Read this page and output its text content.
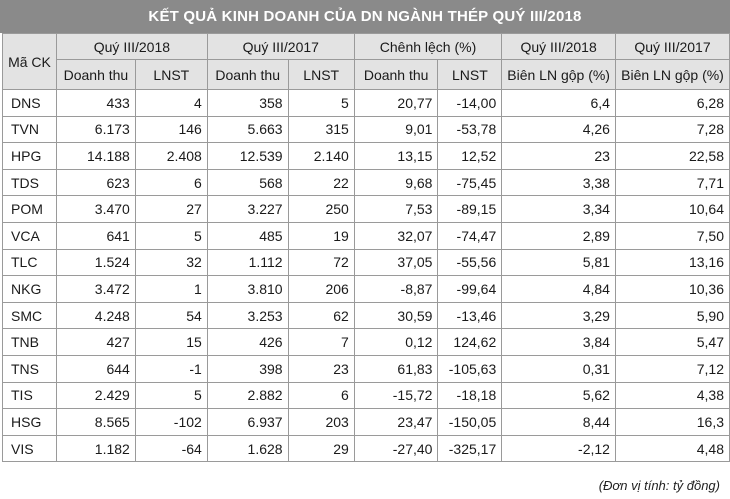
KẾT QUẢ KINH DOANH CỦA DN NGÀNH THÉP QUÝ III/2018
Mã CK	Quý III/2018		Quý III/2017		Chênh lệch (%)		Quý III/2018	Quý III/2017
	Doanh thu	LNST	Doanh thu	LNST	Doanh thu	LNST	Biên LN gộp (%)	Biên LN gộp (%)
DNS	433	4	358	5	20,77	-14,00	6,4	6,28
TVN	6.173	146	5.663	315	9,01	-53,78	4,26	7,28
HPG	14.188	2.408	12.539	2.140	13,15	12,52	23	22,58
TDS	623	6	568	22	9,68	-75,45	3,38	7,71
POM	3.470	27	3.227	250	7,53	-89,15	3,34	10,64
VCA	641	5	485	19	32,07	-74,47	2,89	7,50
TLC	1.524	32	1.112	72	37,05	-55,56	5,81	13,16
NKG	3.472	1	3.810	206	-8,87	-99,64	4,84	10,36
SMC	4.248	54	3.253	62	30,59	-13,46	3,29	5,90
TNB	427	15	426	7	0,12	124,62	3,84	5,47
TNS	644	-1	398	23	61,83	-105,63	0,31	7,12
TIS	2.429	5	2.882	6	-15,72	-18,18	5,62	4,38
HSG	8.565	-102	6.937	203	23,47	-150,05	8,44	16,3
VIS	1.182	-64	1.628	29	-27,40	-325,17	-2,12	4,48
(Đơn vị tính: tỷ đồng)
